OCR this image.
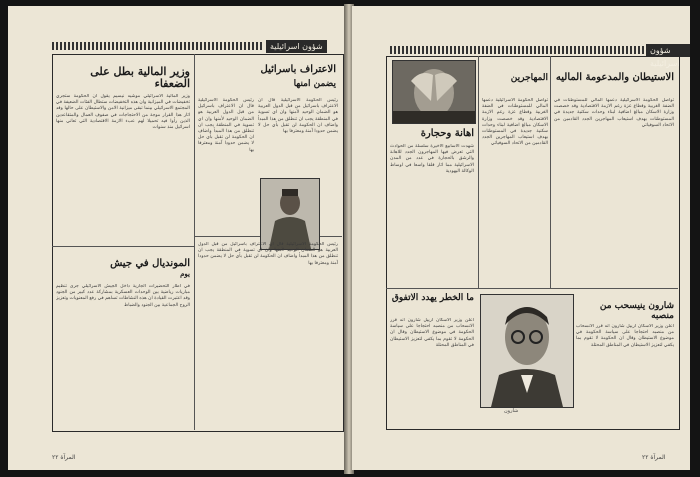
شؤون اسرائيلية
وزير المالية بطل على الضعفاء
وزير المالية الاسرائيلي موشيه نيسيم يقول ان الحكومة ستجري تخفيضات في الميزانية وان هذه التخفيضات ستطال الفئات الضعيفة في المجتمع الاسرائيلي بينما تبقى ميزانية الامن والاستيطان على حالها وقد اثار هذا القرار موجة من الاحتجاجات في صفوف العمال والمتقاعدين الذين رأوا فيه تحميلا لهم عبء الازمة الاقتصادية التي تعاني منها اسرائيل منذ سنوات
الاعتراف باسرائيل
يضمن امنها
رئيس الحكومة الاسرائيلية قال ان الاعتراف باسرائيل من قبل الدول العربية هو الضمان الوحيد لأمنها وان اي تسوية في المنطقة يجب ان تنطلق من هذا المبدأ واضاف ان الحكومة لن تقبل بأي حل لا يضمن حدودا آمنة ومعترفا بها
رئيس الحكومة الاسرائيلية قال ان الاعتراف باسرائيل من قبل الدول العربية هو الضمان الوحيد لأمنها وان اي تسوية في المنطقة يجب ان تنطلق من هذا المبدأ واضاف ان الحكومة لن تقبل بأي حل لا يضمن حدودا آمنة ومعترفا بها
رئيس الحكومة الاسرائيلية قال ان الاعتراف باسرائيل من قبل الدول العربية هو الضمان الوحيد لأمنها وان اي تسوية في المنطقة يجب ان تنطلق من هذا المبدأ واضاف ان الحكومة لن تقبل بأي حل لا يضمن حدودا آمنة ومعترفا بها
المونديال في جيش
يوم
في اطار التحضيرات الجارية داخل الجيش الاسرائيلي جرى تنظيم مباريات رياضية بين الوحدات العسكرية بمشاركة عدد كبير من الجنود وقد اعتبرت القيادة ان هذه النشاطات تساهم في رفع المعنويات وتعزيز الروح الجماعية بين الجنود والضباط
المرآة ٢٢
شؤون اسرائيلية
اهانة وحجارة
شهدت الاسابيع الاخيرة سلسلة من الحوادث التي تعرض فيها المهاجرون الجدد للاهانة والرشق بالحجارة في عدد من المدن الاسرائيلية مما اثار قلقا واسعا في اوساط الوكالة اليهودية
المهاجرين
تواصل الحكومة الاسرائيلية دعمها المالي للمستوطنات في الضفة الغربية وقطاع غزة رغم الازمة الاقتصادية وقد خصصت وزارة الاسكان مبالغ اضافية لبناء وحدات سكنية جديدة في المستوطنات بهدف استيعاب المهاجرين الجدد القادمين من الاتحاد السوفياتي
الاستيطان والمدعومة الماليه
تواصل الحكومة الاسرائيلية دعمها المالي للمستوطنات في الضفة الغربية وقطاع غزة رغم الازمة الاقتصادية وقد خصصت وزارة الاسكان مبالغ اضافية لبناء وحدات سكنية جديدة في المستوطنات بهدف استيعاب المهاجرين الجدد القادمين من الاتحاد السوفياتي
ما الخطر يهدد الاتفوق
اعلن وزير الاسكان ارييل شارون انه قرر الانسحاب من منصبه احتجاجا على سياسة الحكومة في موضوع الاستيطان وقال ان الحكومة لا تقوم بما يكفي لتعزيز الاستيطان في المناطق المحتلة
شارون
شارون ينيسحب من منصبه
اعلن وزير الاسكان ارييل شارون انه قرر الانسحاب من منصبه احتجاجا على سياسة الحكومة في موضوع الاستيطان وقال ان الحكومة لا تقوم بما يكفي لتعزيز الاستيطان في المناطق المحتلة
المرآة ٢٢
